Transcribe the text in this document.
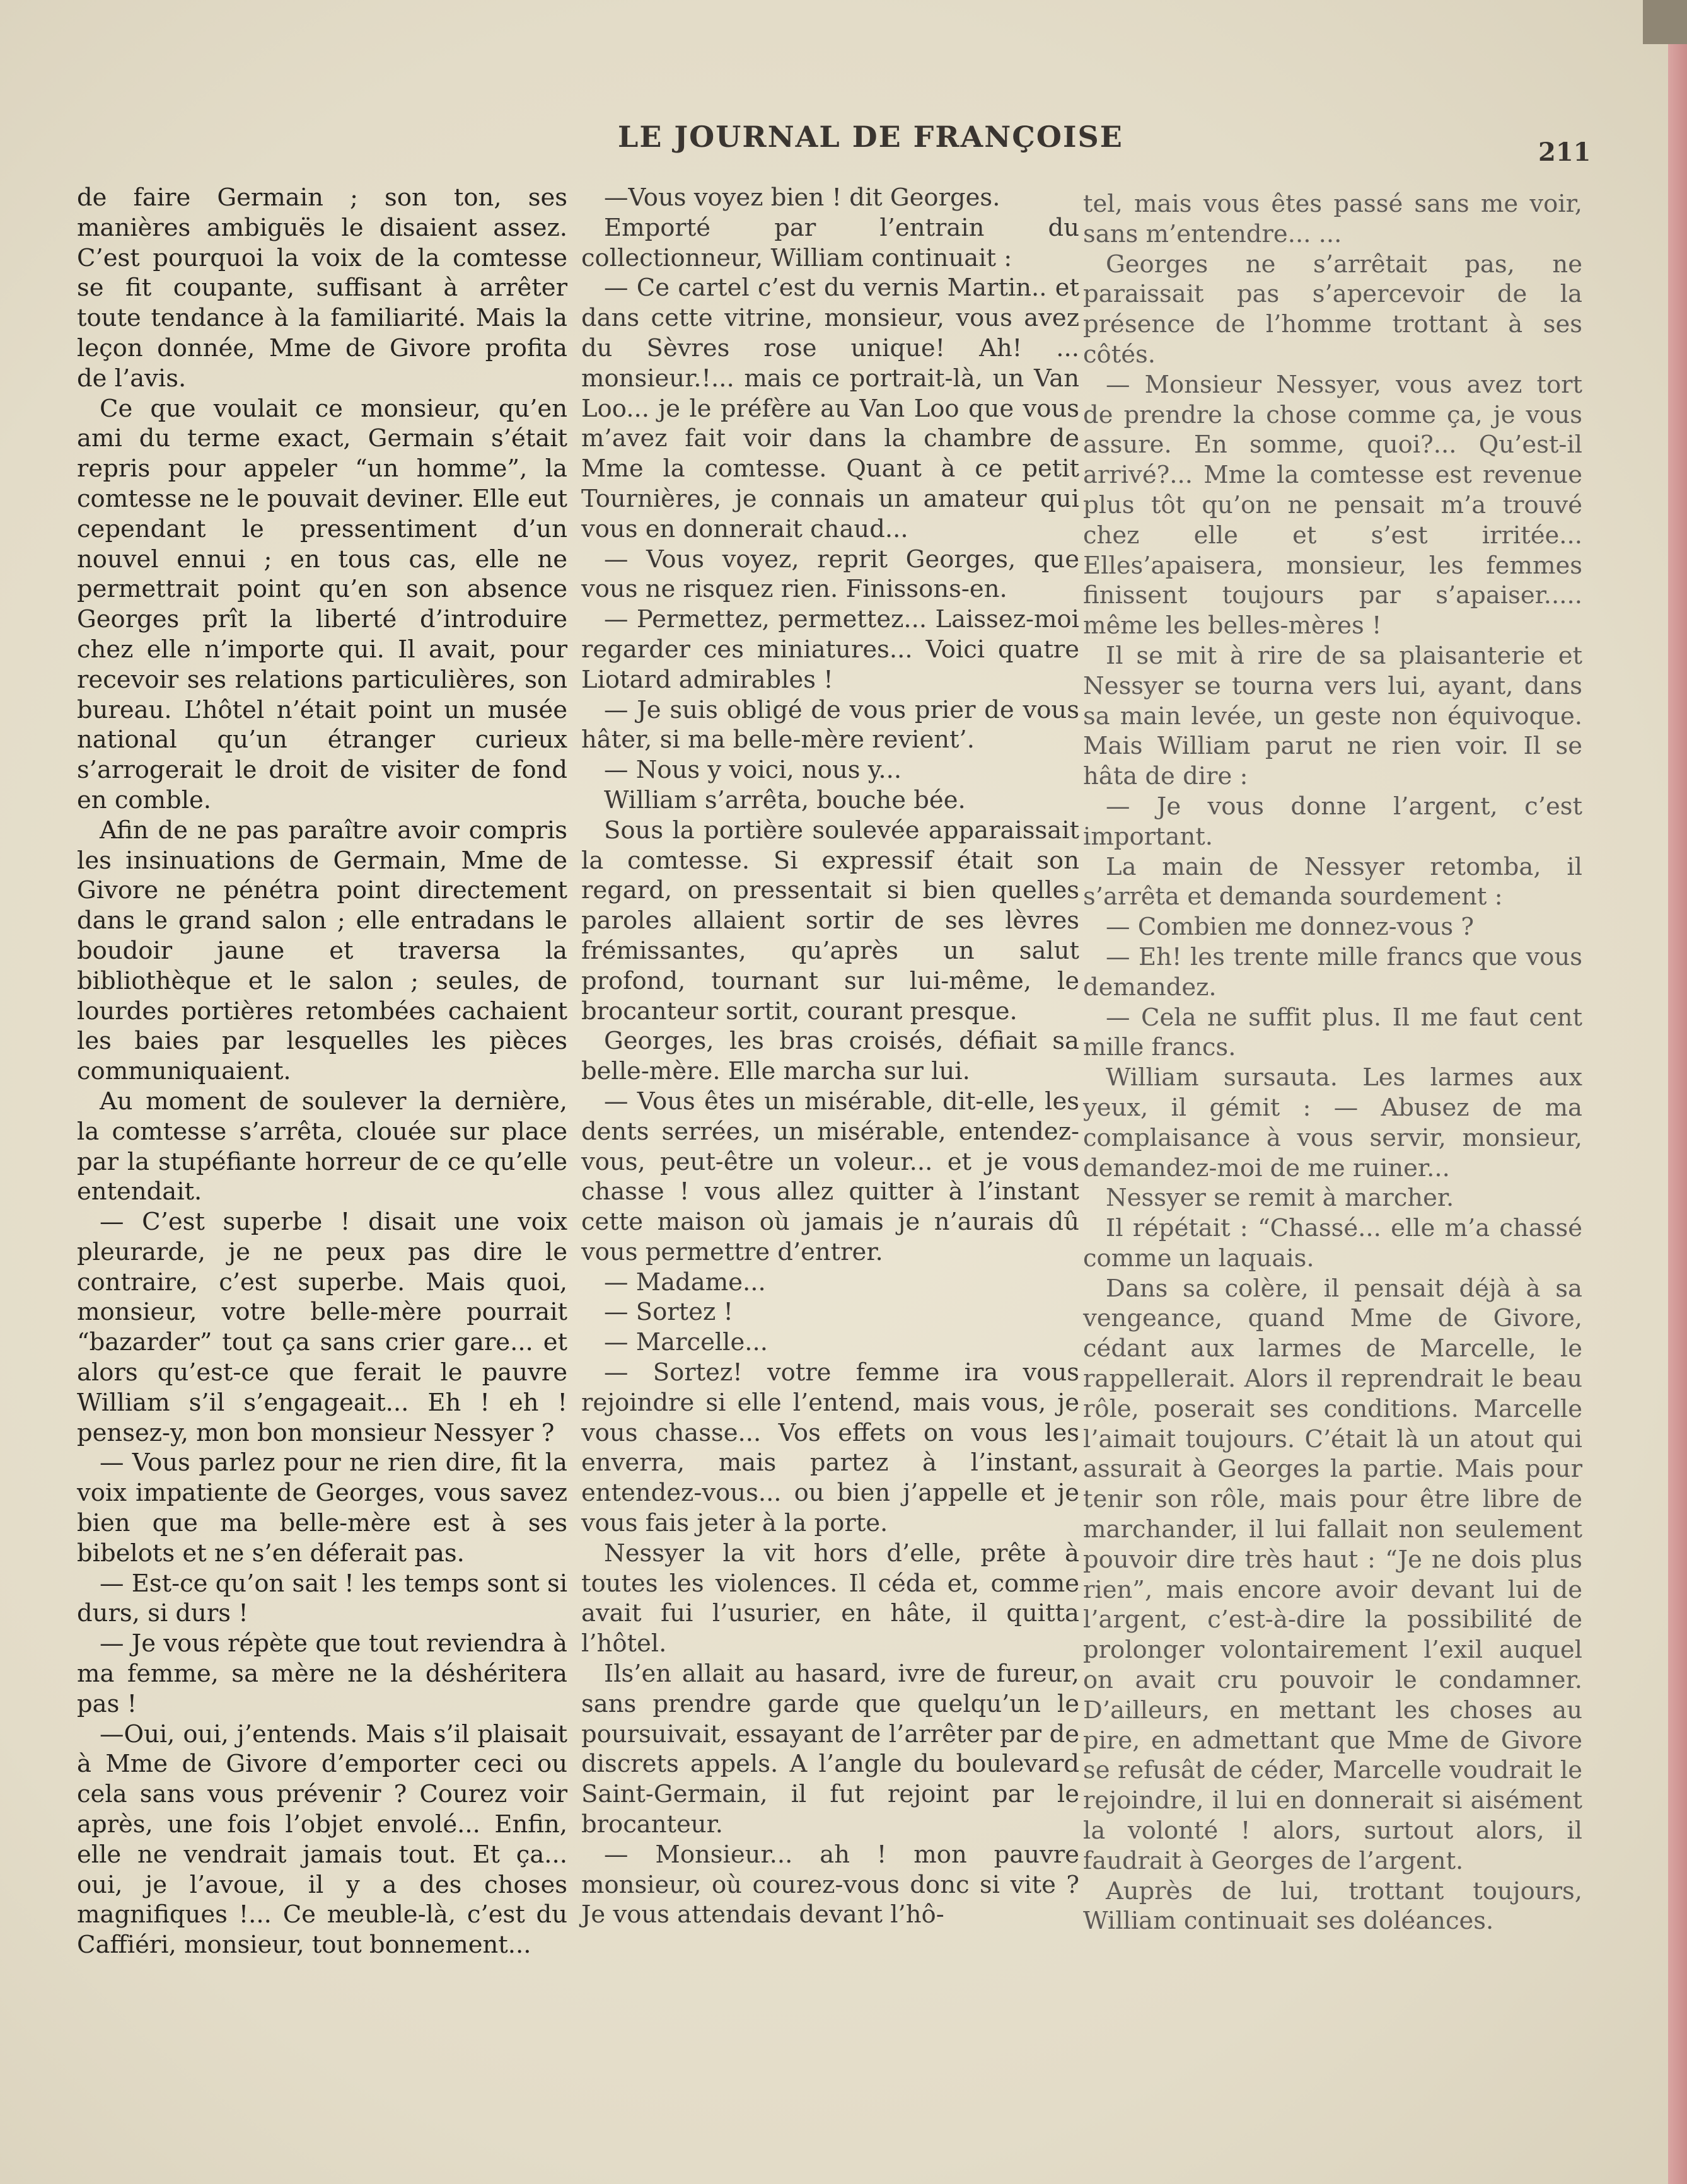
LE JOURNAL DE FRANÇOISE	211

de faire Germain ; son ton, ses manières ambiguës le disaient assez. C’est pourquoi la voix de la comtesse se fit coupante, suffisant à arrêter toute tendance à la familiarité. Mais la leçon donnée, Mme de Givore profita de l’avis.

Ce que voulait ce monsieur, qu’en ami du terme exact, Germain s’était repris pour appeler “un homme”, la comtesse ne le pouvait deviner. Elle eut cependant le pressentiment d’un nouvel ennui ; en tous cas, elle ne permettrait point qu’en son absence Georges prît la liberté d’introduire chez elle n’importe qui. Il avait, pour recevoir ses relations particulières, son bureau. L’hôtel n’était point un musée national qu’un étranger curieux s’arrogerait le droit de visiter de fond en comble.

Afin de ne pas paraître avoir compris les insinuations de Germain, Mme de Givore ne pénétra point directement dans le grand salon ; elle entradans le boudoir jaune et traversa la bibliothèque et le salon ; seules, de lourdes portières retombées cachaient les baies par lesquelles les pièces communiquaient.

Au moment de soulever la dernière, la comtesse s’arrêta, clouée sur place par la stupéfiante horreur de ce qu’elle entendait.

— C’est superbe ! disait une voix pleurarde, je ne peux pas dire le contraire, c’est superbe. Mais quoi, monsieur, votre belle-mère pourrait “bazarder” tout ça sans crier gare... et alors qu’est-ce que ferait le pauvre William s’il s’engageait... Eh ! eh ! pensez-y, mon bon monsieur Nessyer ?

— Vous parlez pour ne rien dire, fit la voix impatiente de Georges, vous savez bien que ma belle-mère est à ses bibelots et ne s’en déferait pas.

— Est-ce qu’on sait ! les temps sont si durs, si durs !

— Je vous répète que tout reviendra à ma femme, sa mère ne la déshéritera pas !

—Oui, oui, j’entends. Mais s’il plaisait à Mme de Givore d’emporter ceci ou cela sans vous prévenir ? Courez voir après, une fois l’objet envolé... Enfin, elle ne vendrait jamais tout. Et ça... oui, je l’avoue, il y a des choses magnifiques !... Ce meuble-là, c’est du Caffiéri, monsieur, tout bonnement...

—Vous voyez bien ! dit Georges.

Emporté par l’entrain du collectionneur, William continuait :

— Ce cartel c’est du vernis Martin.. et dans cette vitrine, monsieur, vous avez du Sèvres rose unique! Ah! ... monsieur.!... mais ce portrait-là, un Van Loo... je le préfère au Van Loo que vous m’avez fait voir dans la chambre de Mme la comtesse. Quant à ce petit Tournières, je connais un amateur qui vous en donnerait chaud...

— Vous voyez, reprit Georges, que vous ne risquez rien. Finissons-en.

— Permettez, permettez... Laissez-moi regarder ces miniatures... Voici quatre Liotard admirables !

— Je suis obligé de vous prier de vous hâter, si ma belle-mère revient’.

— Nous y voici, nous y...

William s’arrêta, bouche bée.

Sous la portière soulevée apparaissait la comtesse. Si expressif était son regard, on pressentait si bien quelles paroles allaient sortir de ses lèvres frémissantes, qu’après un salut profond, tournant sur lui-même, le brocanteur sortit, courant presque.

Georges, les bras croisés, défiait sa belle-mère. Elle marcha sur lui.

— Vous êtes un misérable, dit-elle, les dents serrées, un misérable, entendez-vous, peut-être un voleur... et je vous chasse ! vous allez quitter à l’instant cette maison où jamais je n’aurais dû vous permettre d’entrer.

— Madame...

— Sortez !

— Marcelle...

— Sortez! votre femme ira vous rejoindre si elle l’entend, mais vous, je vous chasse... Vos effets on vous les enverra, mais partez à l’instant, entendez-vous... ou bien j’appelle et je vous fais jeter à la porte.

Nessyer la vit hors d’elle, prête à toutes les violences. Il céda et, comme avait fui l’usurier, en hâte, il quitta l’hôtel.

Ils’en allait au hasard, ivre de fureur, sans prendre garde que quelqu’un le poursuivait, essayant de l’arrêter par de discrets appels. A l’angle du boulevard Saint-Germain, il fut rejoint par le brocanteur.

— Monsieur... ah ! mon pauvre monsieur, où courez-vous donc si vite ? Je vous attendais devant l’hô-

tel, mais vous êtes passé sans me voir, sans m’entendre... ...

Georges ne s’arrêtait pas, ne paraissait pas s’apercevoir de la présence de l’homme trottant à ses côtés.

— Monsieur Nessyer, vous avez tort de prendre la chose comme ça, je vous assure. En somme, quoi?... Qu’est-il arrivé?... Mme la comtesse est revenue plus tôt qu’on ne pensait m’a trouvé chez elle et s’est irritée... Elles’apaisera, monsieur, les femmes finissent toujours par s’apaiser..... même les belles-mères !

Il se mit à rire de sa plaisanterie et Nessyer se tourna vers lui, ayant, dans sa main levée, un geste non équivoque. Mais William parut ne rien voir. Il se hâta de dire :

— Je vous donne l’argent, c’est important.

La main de Nessyer retomba, il s’arrêta et demanda sourdement :

— Combien me donnez-vous ?

— Eh! les trente mille francs que vous demandez.

— Cela ne suffit plus. Il me faut cent mille francs.

William sursauta. Les larmes aux yeux, il gémit : — Abusez de ma complaisance à vous servir, monsieur, demandez-moi de me ruiner...

Nessyer se remit à marcher.

Il répétait : “Chassé... elle m’a chassé comme un laquais.

Dans sa colère, il pensait déjà à sa vengeance, quand Mme de Givore, cédant aux larmes de Marcelle, le rappellerait. Alors il reprendrait le beau rôle, poserait ses conditions. Marcelle l’aimait toujours. C’était là un atout qui assurait à Georges la partie. Mais pour tenir son rôle, mais pour être libre de marchander, il lui fallait non seulement pouvoir dire très haut : “Je ne dois plus rien”, mais encore avoir devant lui de l’argent, c’est-à-dire la possibilité de prolonger volontairement l’exil auquel on avait cru pouvoir le condamner. D’ailleurs, en mettant les choses au pire, en admettant que Mme de Givore se refusât de céder, Marcelle voudrait le rejoindre, il lui en donnerait si aisément la volonté ! alors, surtout alors, il faudrait à Georges de l’argent.

Auprès de lui, trottant toujours, William continuait ses doléances.
